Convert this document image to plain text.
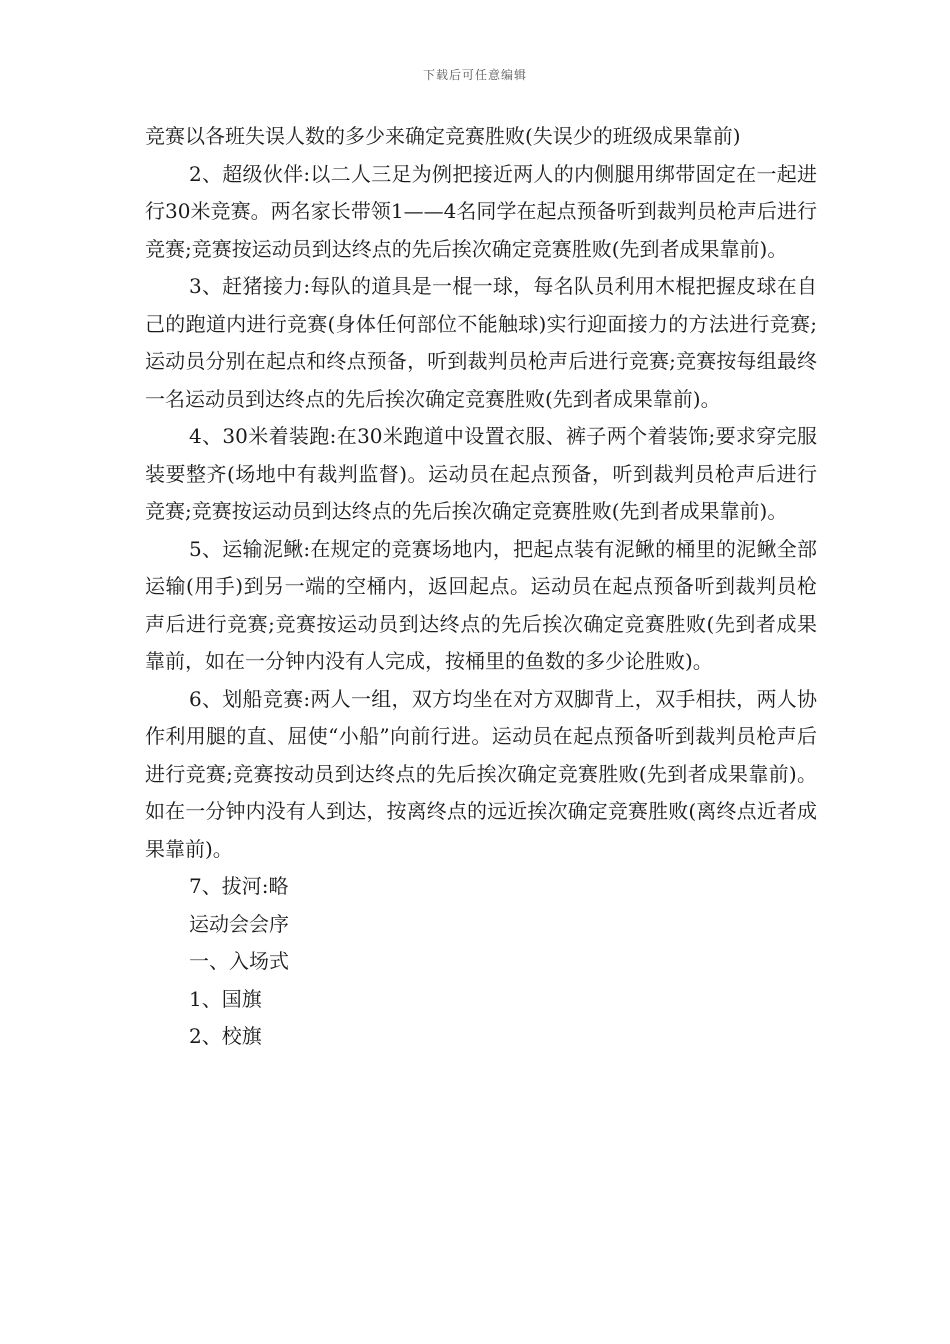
下载后可任意编辑

竞赛以各班失误人数的多少来确定竞赛胜败(失误少的班级成果靠前)

2、超级伙伴:以二人三足为例把接近两人的内侧腿用绑带固定在一起进行30米竞赛。两名家长带领1——4名同学在起点预备听到裁判员枪声后进行竞赛;竞赛按运动员到达终点的先后挨次确定竞赛胜败(先到者成果靠前)。

3、赶猪接力:每队的道具是一棍一球，每名队员利用木棍把握皮球在自己的跑道内进行竞赛(身体任何部位不能触球)实行迎面接力的方法进行竞赛;运动员分别在起点和终点预备，听到裁判员枪声后进行竞赛;竞赛按每组最终一名运动员到达终点的先后挨次确定竞赛胜败(先到者成果靠前)。

4、30米着装跑:在30米跑道中设置衣服、裤子两个着装饰;要求穿完服装要整齐(场地中有裁判监督)。运动员在起点预备，听到裁判员枪声后进行竞赛;竞赛按运动员到达终点的先后挨次确定竞赛胜败(先到者成果靠前)。

5、运输泥鳅:在规定的竞赛场地内，把起点装有泥鳅的桶里的泥鳅全部运输(用手)到另一端的空桶内，返回起点。运动员在起点预备听到裁判员枪声后进行竞赛;竞赛按运动员到达终点的先后挨次确定竞赛胜败(先到者成果靠前，如在一分钟内没有人完成，按桶里的鱼数的多少论胜败)。

6、划船竞赛:两人一组，双方均坐在对方双脚背上，双手相扶，两人协作利用腿的直、屈使“小船”向前行进。运动员在起点预备听到裁判员枪声后进行竞赛;竞赛按动员到达终点的先后挨次确定竞赛胜败(先到者成果靠前)。如在一分钟内没有人到达，按离终点的远近挨次确定竞赛胜败(离终点近者成果靠前)。

7、拔河:略

运动会会序

一、入场式

1、国旗

2、校旗
